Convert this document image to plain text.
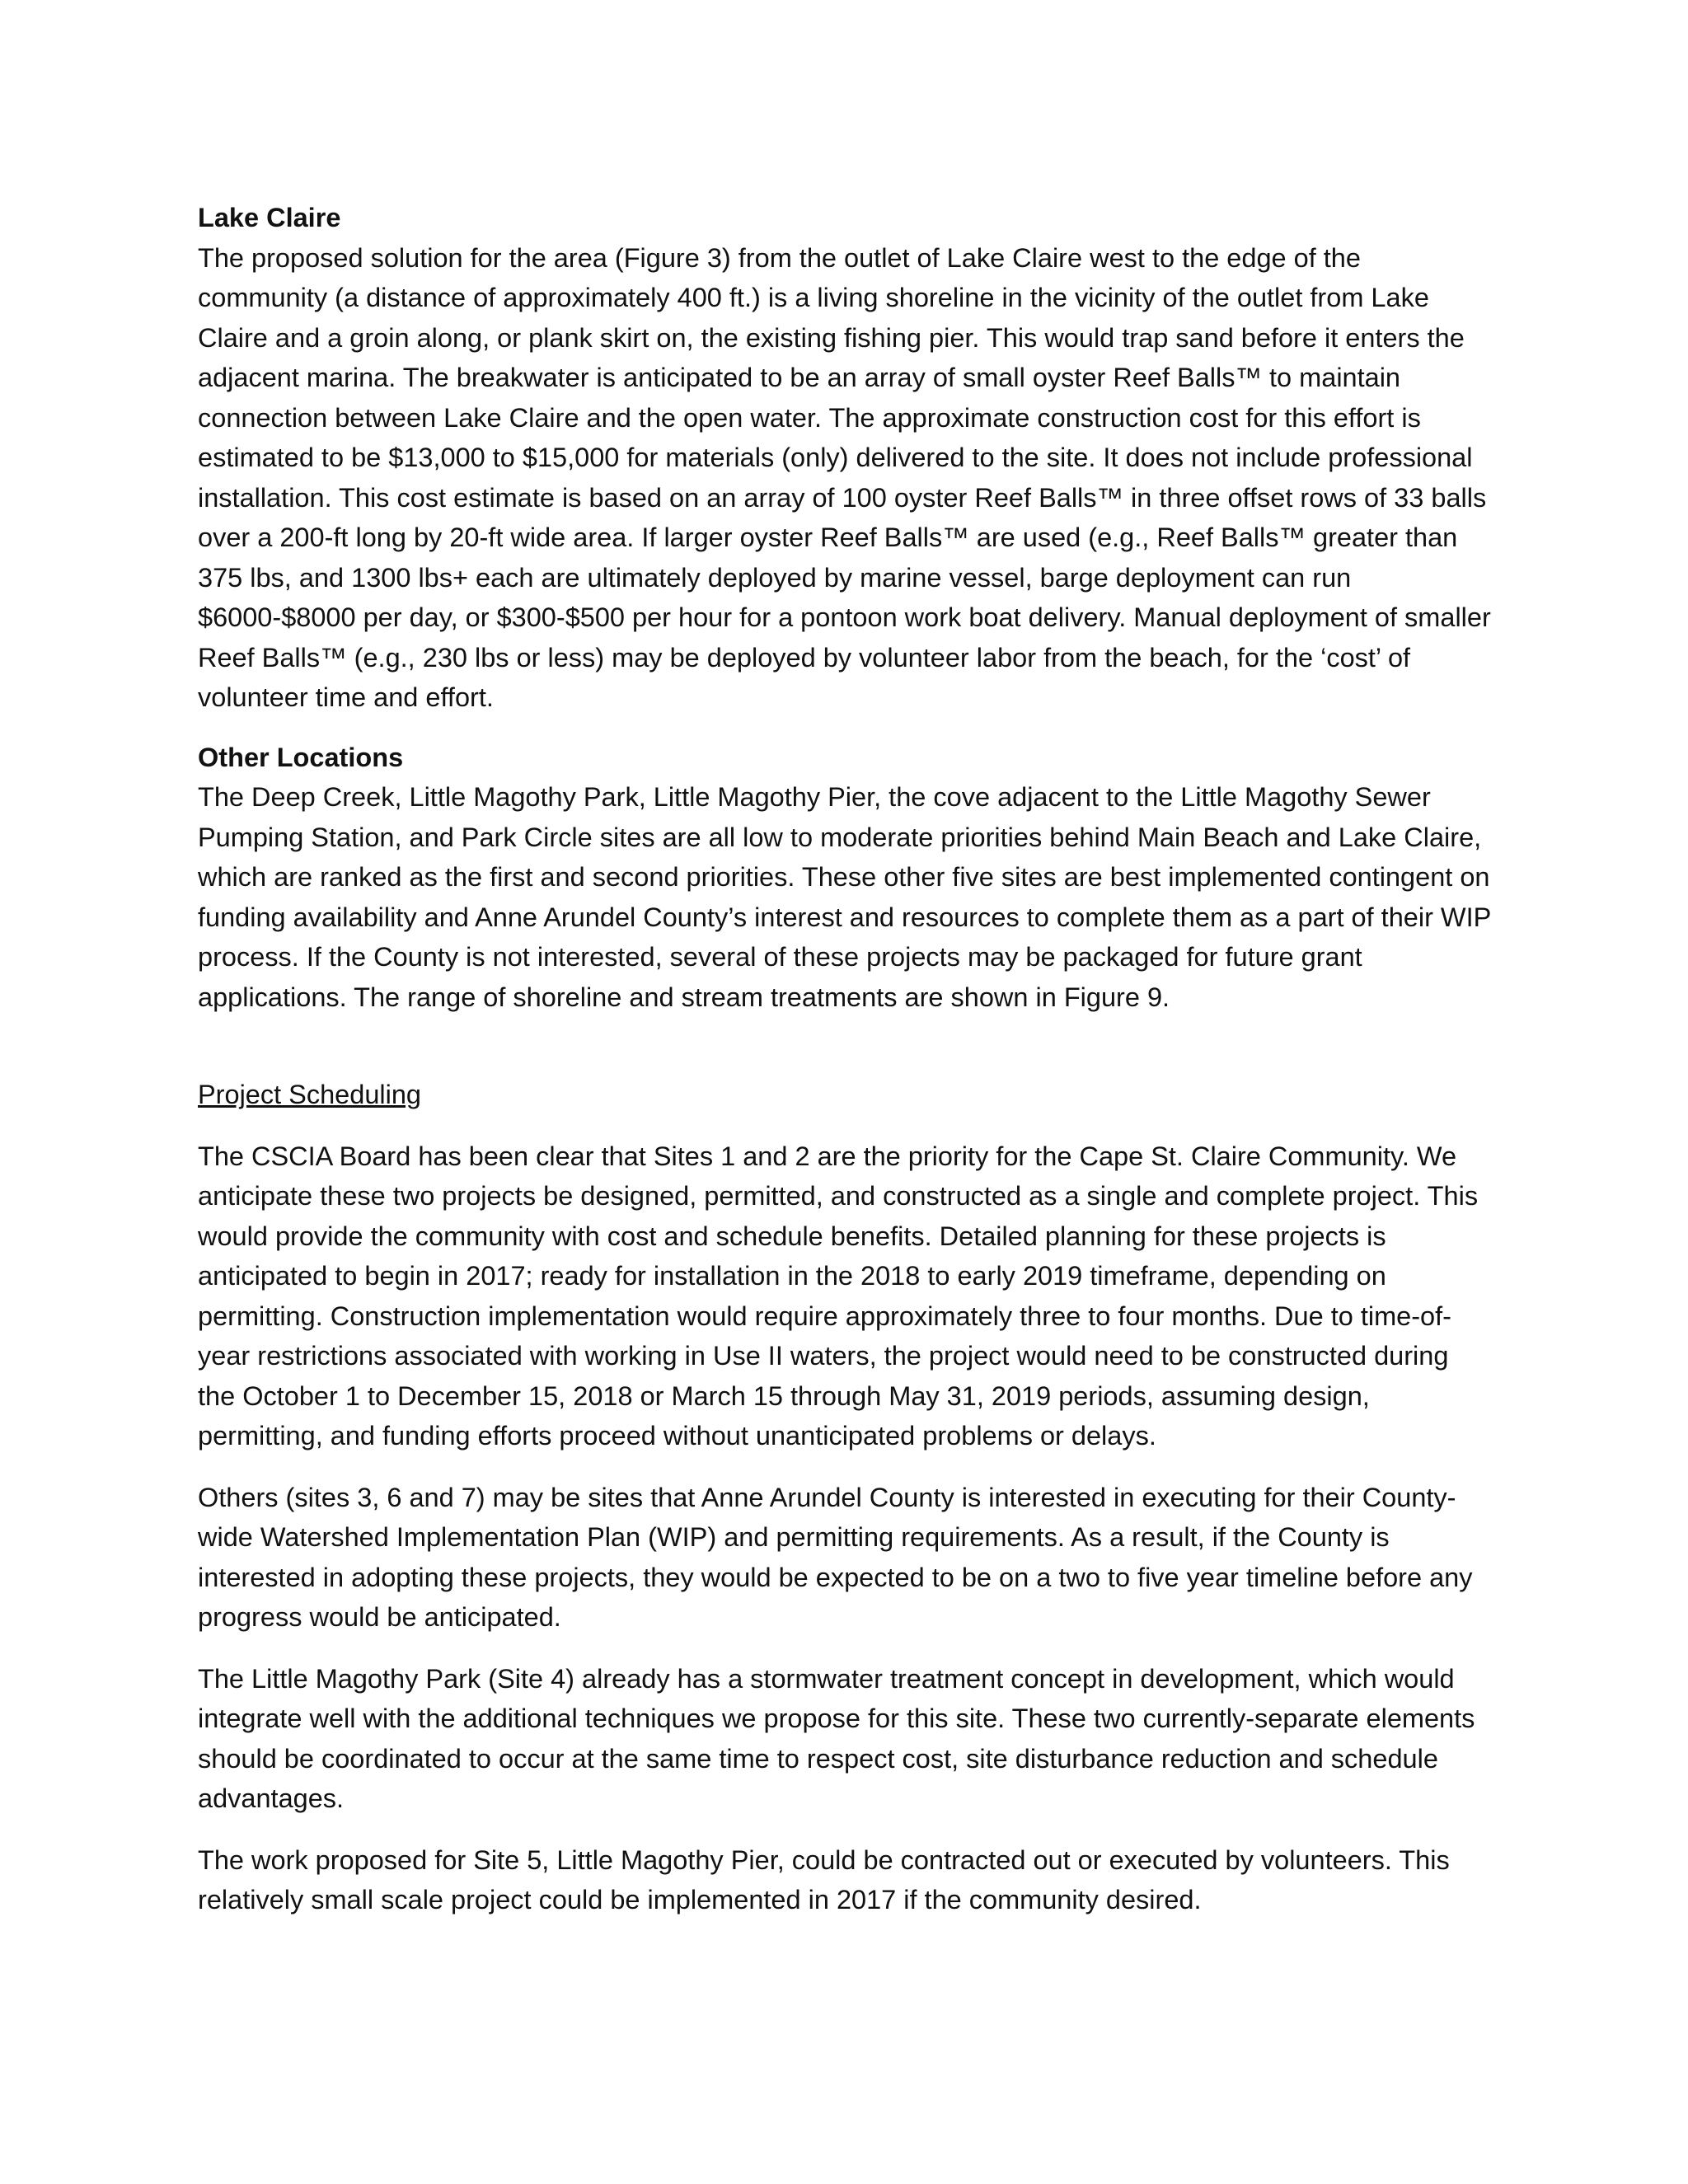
Lake Claire

The proposed solution for the area (Figure 3) from the outlet of Lake Claire west to the edge of the community (a distance of approximately 400 ft.) is a living shoreline in the vicinity of the outlet from Lake Claire and a groin along, or plank skirt on, the existing fishing pier. This would trap sand before it enters the adjacent marina. The breakwater is anticipated to be an array of small oyster Reef Balls™ to maintain connection between Lake Claire and the open water. The approximate construction cost for this effort is estimated to be $13,000 to $15,000 for materials (only) delivered to the site. It does not include professional installation. This cost estimate is based on an array of 100 oyster Reef Balls™ in three offset rows of 33 balls over a 200-ft long by 20-ft wide area. If larger oyster Reef Balls™ are used (e.g., Reef Balls™ greater than 375 lbs, and 1300 lbs+ each are ultimately deployed by marine vessel, barge deployment can run $6000-$8000 per day, or $300-$500 per hour for a pontoon work boat delivery. Manual deployment of smaller Reef Balls™ (e.g., 230 lbs or less) may be deployed by volunteer labor from the beach, for the ‘cost’ of volunteer time and effort.

Other Locations

The Deep Creek, Little Magothy Park, Little Magothy Pier, the cove adjacent to the Little Magothy Sewer Pumping Station, and Park Circle sites are all low to moderate priorities behind Main Beach and Lake Claire, which are ranked as the first and second priorities. These other five sites are best implemented contingent on funding availability and Anne Arundel County’s interest and resources to complete them as a part of their WIP process. If the County is not interested, several of these projects may be packaged for future grant applications. The range of shoreline and stream treatments are shown in Figure 9.

Project Scheduling

The CSCIA Board has been clear that Sites 1 and 2 are the priority for the Cape St. Claire Community. We anticipate these two projects be designed, permitted, and constructed as a single and complete project. This would provide the community with cost and schedule benefits. Detailed planning for these projects is anticipated to begin in 2017; ready for installation in the 2018 to early 2019 timeframe, depending on permitting. Construction implementation would require approximately three to four months. Due to time-of-year restrictions associated with working in Use II waters, the project would need to be constructed during the October 1 to December 15, 2018 or March 15 through May 31, 2019 periods, assuming design, permitting, and funding efforts proceed without unanticipated problems or delays.

Others (sites 3, 6 and 7) may be sites that Anne Arundel County is interested in executing for their County-wide Watershed Implementation Plan (WIP) and permitting requirements. As a result, if the County is interested in adopting these projects, they would be expected to be on a two to five year timeline before any progress would be anticipated.

The Little Magothy Park (Site 4) already has a stormwater treatment concept in development, which would integrate well with the additional techniques we propose for this site. These two currently-separate elements should be coordinated to occur at the same time to respect cost, site disturbance reduction and schedule advantages.

The work proposed for Site 5, Little Magothy Pier, could be contracted out or executed by volunteers. This relatively small scale project could be implemented in 2017 if the community desired.
